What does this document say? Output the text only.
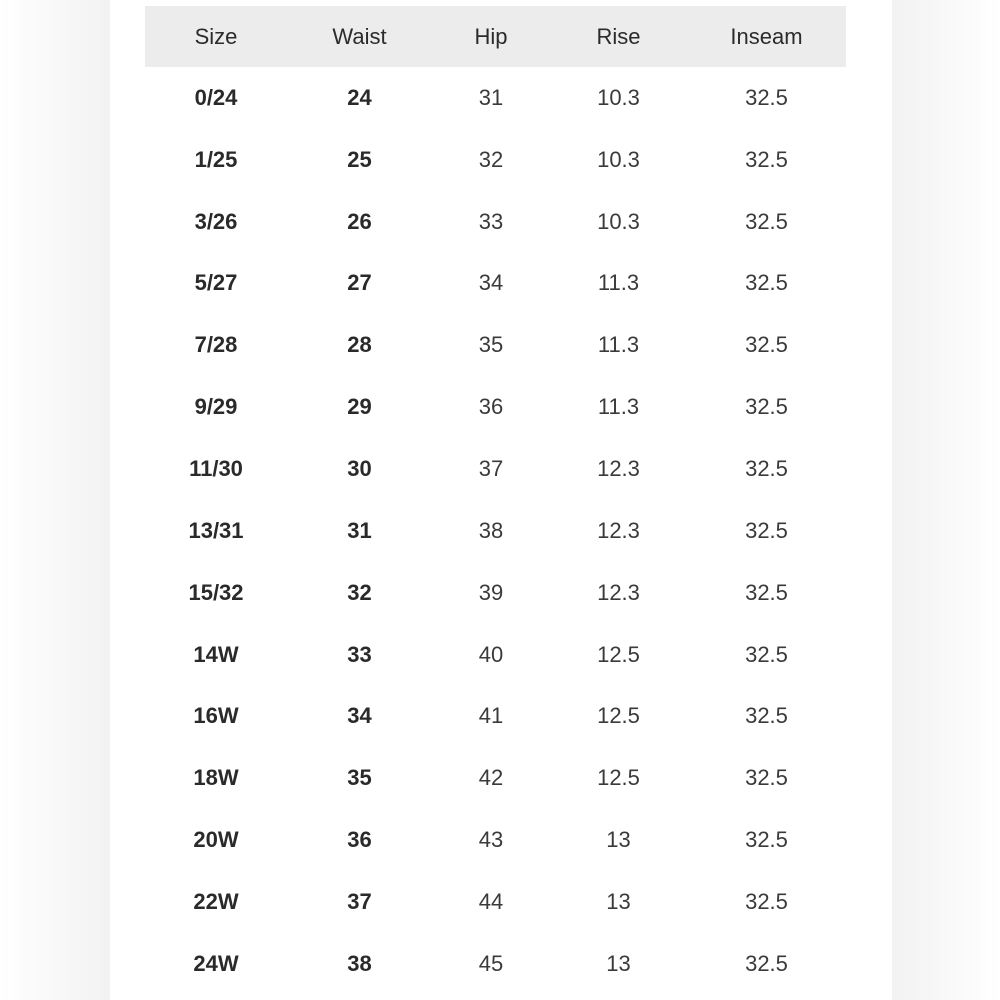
Size	Waist	Hip	Rise	Inseam
0/24	24	31	10.3	32.5
1/25	25	32	10.3	32.5
3/26	26	33	10.3	32.5
5/27	27	34	11.3	32.5
7/28	28	35	11.3	32.5
9/29	29	36	11.3	32.5
11/30	30	37	12.3	32.5
13/31	31	38	12.3	32.5
15/32	32	39	12.3	32.5
14W	33	40	12.5	32.5
16W	34	41	12.5	32.5
18W	35	42	12.5	32.5
20W	36	43	13	32.5
22W	37	44	13	32.5
24W	38	45	13	32.5
